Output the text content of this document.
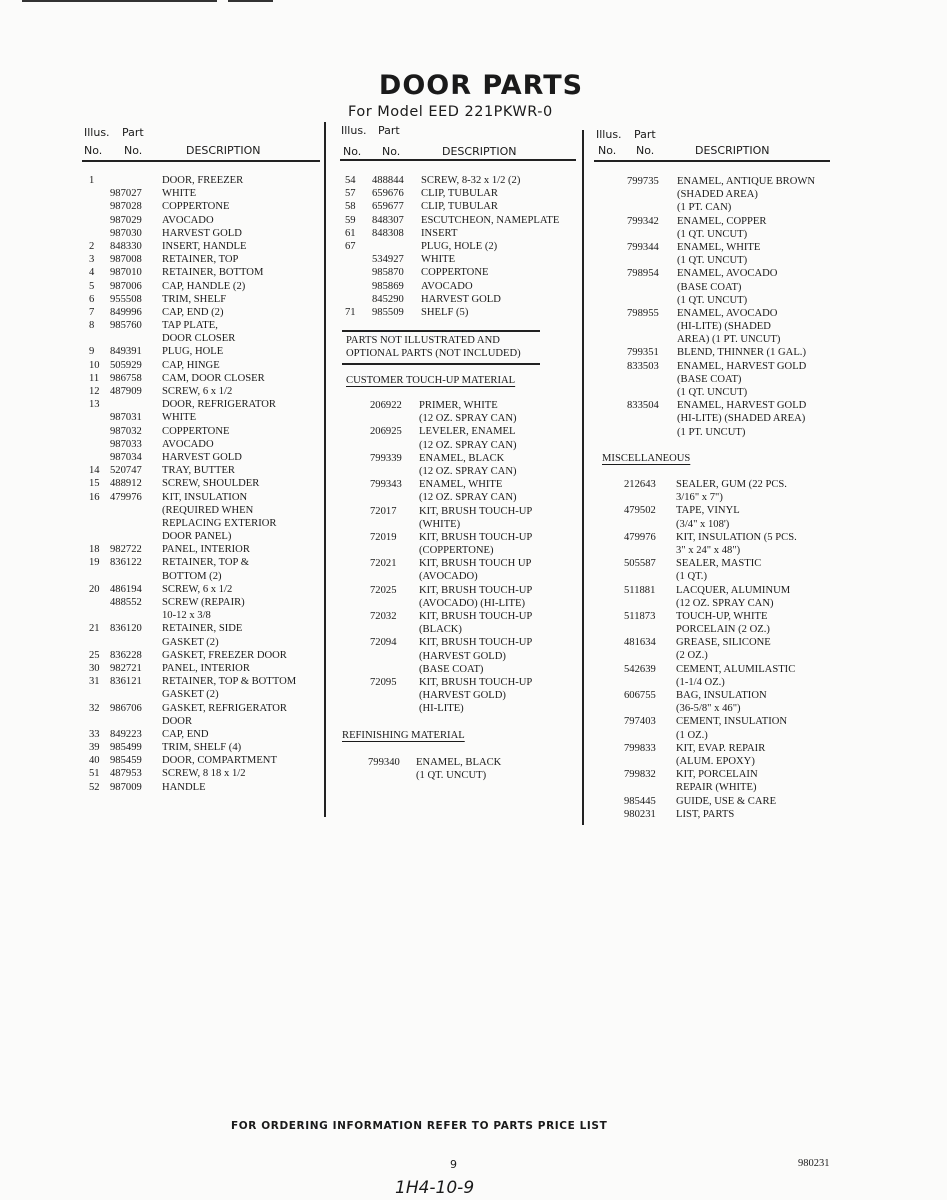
DOOR PARTS
For Model EED 221PKWR-0
Illus. Part
No. No.	DESCRIPTION
Illus. Part
No. No.	DESCRIPTION
Illus. Part
No. No.	DESCRIPTION
1	DOOR, FREEZER
987027 WHITE
987028 COPPERTONE
987029 AVOCADO
987030 HARVEST GOLD
2 848330 INSERT, HANDLE
3 987008 RETAINER, TOP
4 987010 RETAINER, BOTTOM
5 987006 CAP, HANDLE (2)
6 955508 TRIM, SHELF
7 849996 CAP, END (2)
8 985760 TAP PLATE,
DOOR CLOSER
9 849391 PLUG, HOLE
10 505929 CAP, HINGE
11 986758 CAM, DOOR CLOSER
12 487909 SCREW, 6 x 1/2
13	DOOR, REFRIGERATOR
987031 WHITE
987032 COPPERTONE
987033 AVOCADO
987034 HARVEST GOLD
14 520747 TRAY, BUTTER
15 488912 SCREW, SHOULDER
16 479976 KIT, INSULATION
(REQUIRED WHEN
REPLACING EXTERIOR
DOOR PANEL)
18 982722 PANEL, INTERIOR
19 836122 RETAINER, TOP &
BOTTOM (2)
20 486194 SCREW, 6 x 1/2
488552 SCREW (REPAIR)
10-12 x 3/8
21 836120 RETAINER, SIDE
GASKET (2)
25 836228 GASKET, FREEZER DOOR
30 982721 PANEL, INTERIOR
31 836121 RETAINER, TOP & BOTTOM
GASKET (2)
32 986706 GASKET, REFRIGERATOR
DOOR
33 849223 CAP, END
39 985499 TRIM, SHELF (4)
40 985459 DOOR, COMPARTMENT
51 487953 SCREW, 8 18 x 1/2
52 987009 HANDLE
54 488844 SCREW, 8-32 x 1/2 (2)
57 659676 CLIP, TUBULAR
58 659677 CLIP, TUBULAR
59 848307 ESCUTCHEON, NAMEPLATE
61 848308 INSERT
67	PLUG, HOLE (2)
534927 WHITE
985870 COPPERTONE
985869 AVOCADO
845290 HARVEST GOLD
71 985509 SHELF (5)
PARTS NOT ILLUSTRATED AND
OPTIONAL PARTS (NOT INCLUDED)
CUSTOMER TOUCH-UP MATERIAL
206922 PRIMER, WHITE
(12 OZ. SPRAY CAN)
206925 LEVELER, ENAMEL
(12 OZ. SPRAY CAN)
799339 ENAMEL, BLACK
(12 OZ. SPRAY CAN)
799343 ENAMEL, WHITE
(12 OZ. SPRAY CAN)
72017 KIT, BRUSH TOUCH-UP
(WHITE)
72019 KIT, BRUSH TOUCH-UP
(COPPERTONE)
72021 KIT, BRUSH TOUCH UP
(AVOCADO)
72025 KIT, BRUSH TOUCH-UP
(AVOCADO) (HI-LITE)
72032 KIT, BRUSH TOUCH-UP
(BLACK)
72094 KIT, BRUSH TOUCH-UP
(HARVEST GOLD)
(BASE COAT)
72095 KIT, BRUSH TOUCH-UP
(HARVEST GOLD)
(HI-LITE)
REFINISHING MATERIAL
799340 ENAMEL, BLACK
(1 QT. UNCUT)
799735 ENAMEL, ANTIQUE BROWN
(SHADED AREA)
(1 PT. CAN)
799342 ENAMEL, COPPER
(1 QT. UNCUT)
799344 ENAMEL, WHITE
(1 QT. UNCUT)
798954 ENAMEL, AVOCADO
(BASE COAT)
(1 QT. UNCUT)
798955 ENAMEL, AVOCADO
(HI-LITE) (SHADED
AREA) (1 PT. UNCUT)
799351 BLEND, THINNER (1 GAL.)
833503 ENAMEL, HARVEST GOLD
(BASE COAT)
(1 QT. UNCUT)
833504 ENAMEL, HARVEST GOLD
(HI-LITE) (SHADED AREA)
(1 PT. UNCUT)
MISCELLANEOUS
212643 SEALER, GUM (22 PCS.
3/16" x 7")
479502 TAPE, VINYL
(3/4" x 108')
479976 KIT, INSULATION (5 PCS.
3" x 24" x 48")
505587 SEALER, MASTIC
(1 QT.)
511881 LACQUER, ALUMINUM
(12 OZ. SPRAY CAN)
511873 TOUCH-UP, WHITE
PORCELAIN (2 OZ.)
481634 GREASE, SILICONE
(2 OZ.)
542639 CEMENT, ALUMILASTIC
(1-1/4 OZ.)
606755 BAG, INSULATION
(36-5/8" x 46")
797403 CEMENT, INSULATION
(1 OZ.)
799833 KIT, EVAP. REPAIR
(ALUM. EPOXY)
799832 KIT, PORCELAIN
REPAIR (WHITE)
985445 GUIDE, USE & CARE
980231 LIST, PARTS
FOR ORDERING INFORMATION REFER TO PARTS PRICE LIST
9	980231
1H4-10-9
